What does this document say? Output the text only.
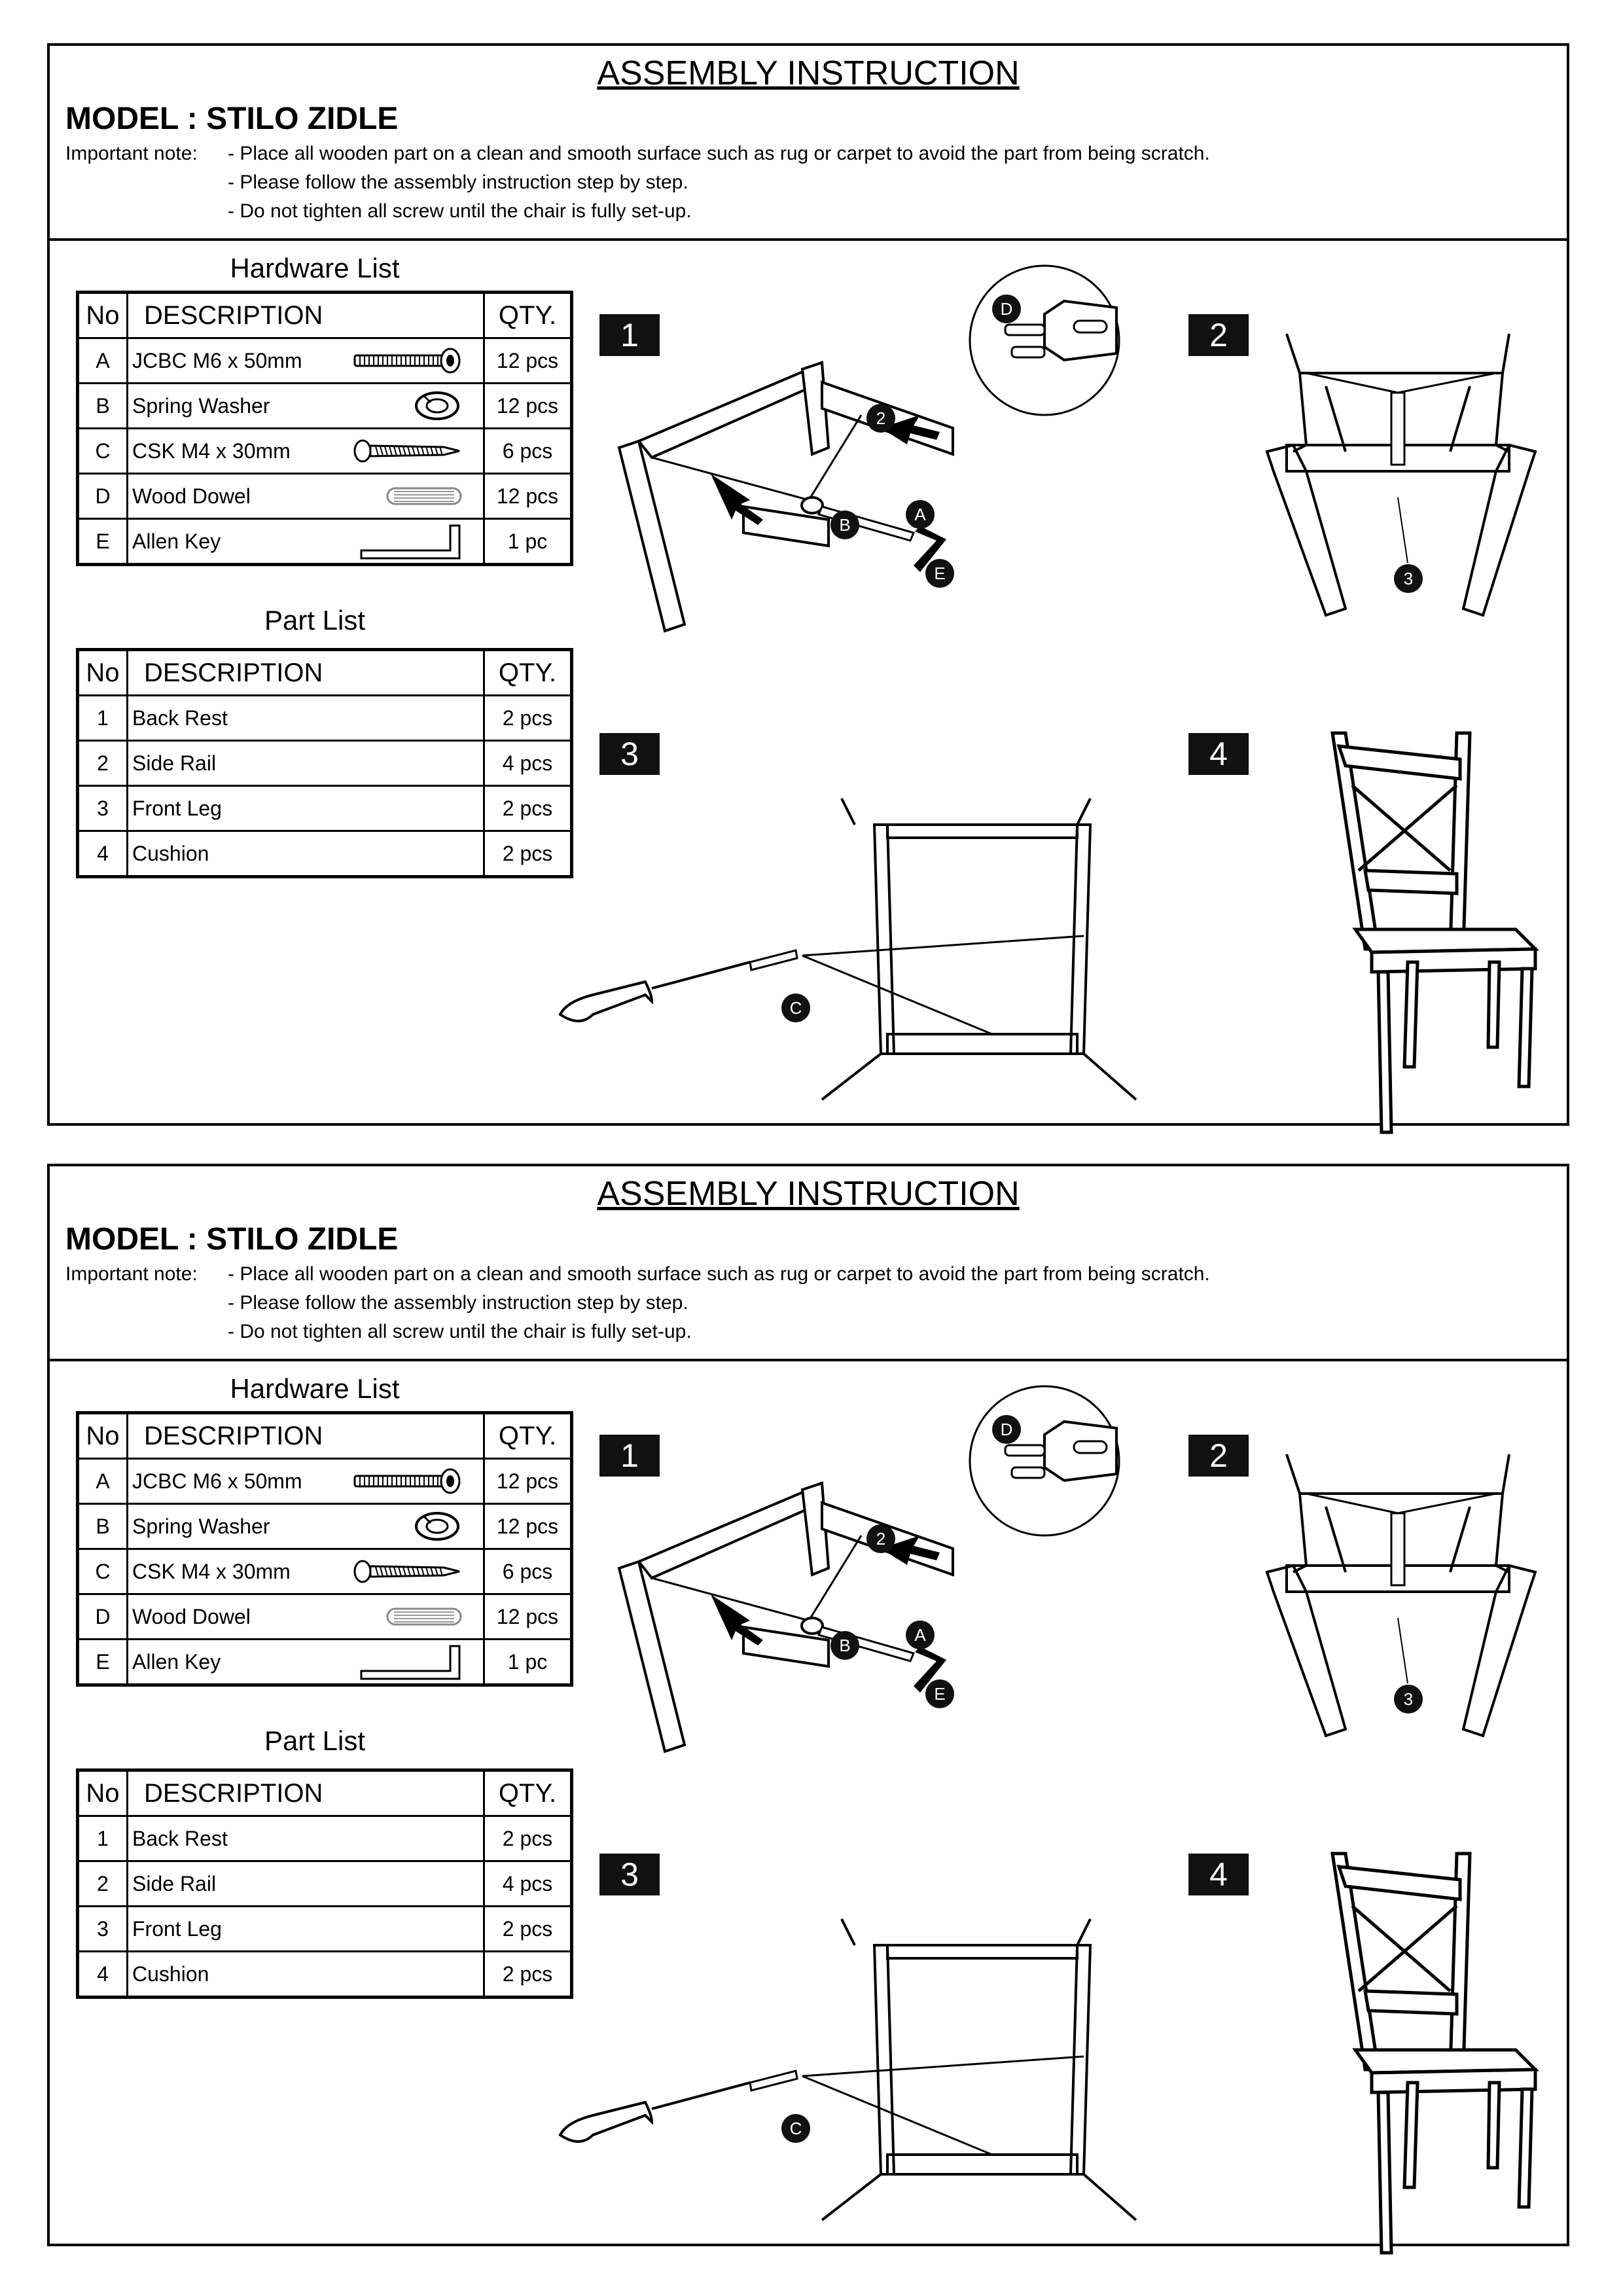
ASSEMBLY INSTRUCTION
MODEL : STILO ZIDLE
Important note: - Place all wooden part on a clean and smooth surface such as rug or carpet to avoid the part from being scratch.
- Please follow the assembly instruction step by step.
- Do not tighten all screw until the chair is fully set-up.
Hardware List
No	DESCRIPTION	QTY.
A	JCBC M6 x 50mm	12 pcs
B	Spring Washer	12 pcs
C	CSK M4 x 30mm	6 pcs
D	Wood Dowel	12 pcs
E	Allen Key	1 pc
Part List
No	DESCRIPTION	QTY.
1	Back Rest	2 pcs
2	Side Rail	4 pcs
3	Front Leg	2 pcs
4	Cushion	2 pcs
1	2
3	4
2
B
A
E
D
3
C
ASSEMBLY INSTRUCTION
MODEL : STILO ZIDLE
Important note: - Place all wooden part on a clean and smooth surface such as rug or carpet to avoid the part from being scratch.
- Please follow the assembly instruction step by step.
- Do not tighten all screw until the chair is fully set-up.
Hardware List
No	DESCRIPTION	QTY.
A	JCBC M6 x 50mm	12 pcs
B	Spring Washer	12 pcs
C	CSK M4 x 30mm	6 pcs
D	Wood Dowel	12 pcs
E	Allen Key	1 pc
Part List
No	DESCRIPTION	QTY.
1	Back Rest	2 pcs
2	Side Rail	4 pcs
3	Front Leg	2 pcs
4	Cushion	2 pcs
1	2
3	4
2
B
A
E
D
3
C
